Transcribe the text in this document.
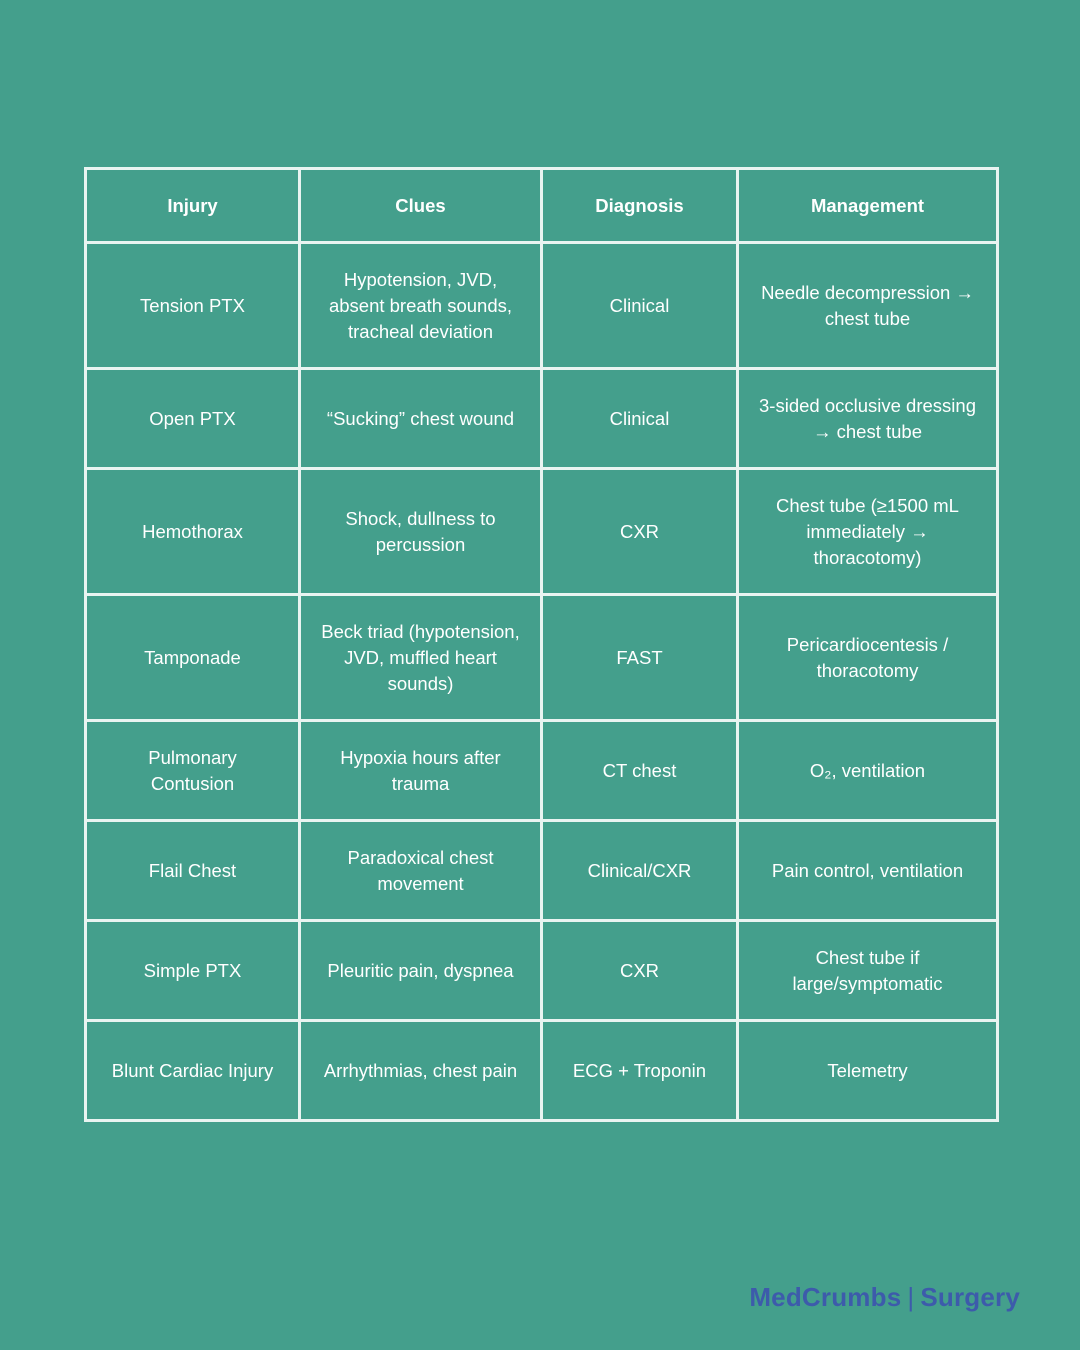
Injury	Clues	Diagnosis	Management
Tension PTX	Hypotension, JVD, absent breath sounds, tracheal deviation	Clinical	Needle decompression → chest tube
Open PTX	“Sucking” chest wound	Clinical	3-sided occlusive dressing → chest tube
Hemothorax	Shock, dullness to percussion	CXR	Chest tube (≥1500 mL immediately → thoracotomy)
Tamponade	Beck triad (hypotension, JVD, muffled heart sounds)	FAST	Pericardiocentesis / thoracotomy
Pulmonary Contusion	Hypoxia hours after trauma	CT chest	O₂, ventilation
Flail Chest	Paradoxical chest movement	Clinical/CXR	Pain control, ventilation
Simple PTX	Pleuritic pain, dyspnea	CXR	Chest tube if large/symptomatic
Blunt Cardiac Injury	Arrhythmias, chest pain	ECG + Troponin	Telemetry
MedCrumbs | Surgery
